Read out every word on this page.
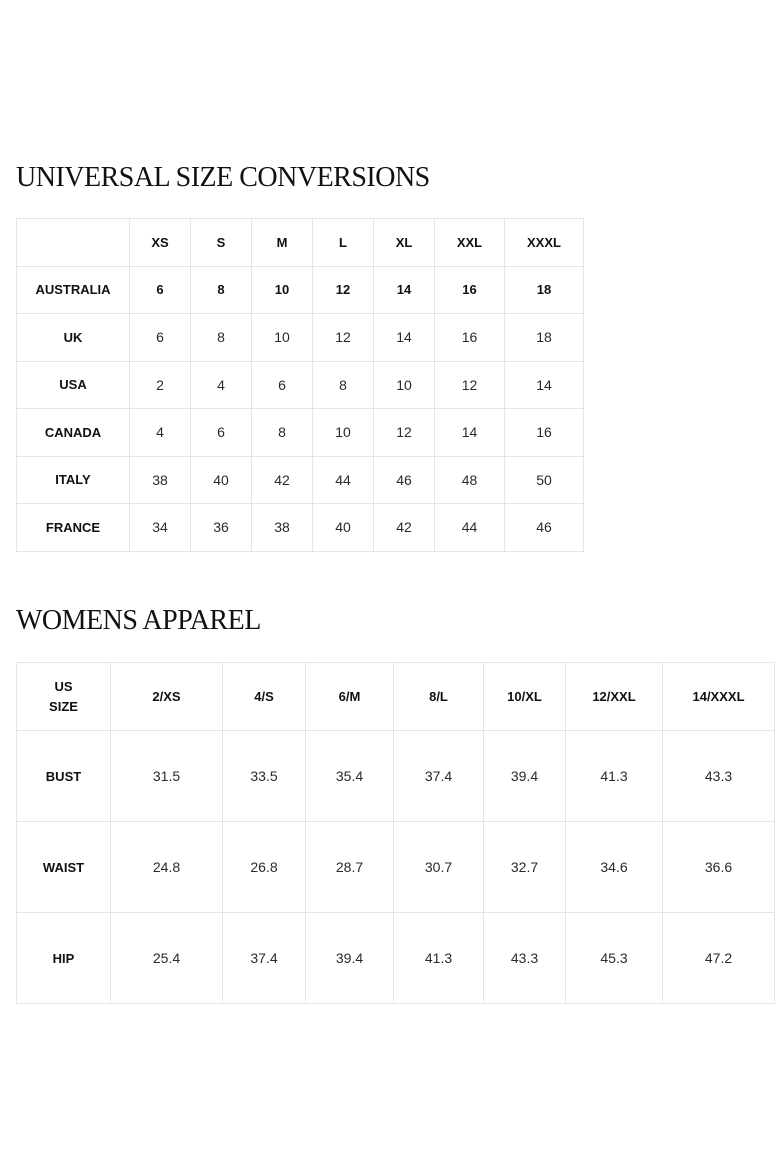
UNIVERSAL SIZE CONVERSIONS
	XS	S	M	L	XL	XXL	XXXL
AUSTRALIA	6	8	10	12	14	16	18
UK	6	8	10	12	14	16	18
USA	2	4	6	8	10	12	14
CANADA	4	6	8	10	12	14	16
ITALY	38	40	42	44	46	48	50
FRANCE	34	36	38	40	42	44	46
WOMENS APPAREL
US
SIZE	2/XS	4/S	6/M	8/L	10/XL	12/XXL	14/XXXL
BUST	31.5	33.5	35.4	37.4	39.4	41.3	43.3
WAIST	24.8	26.8	28.7	30.7	32.7	34.6	36.6
HIP	25.4	37.4	39.4	41.3	43.3	45.3	47.2
